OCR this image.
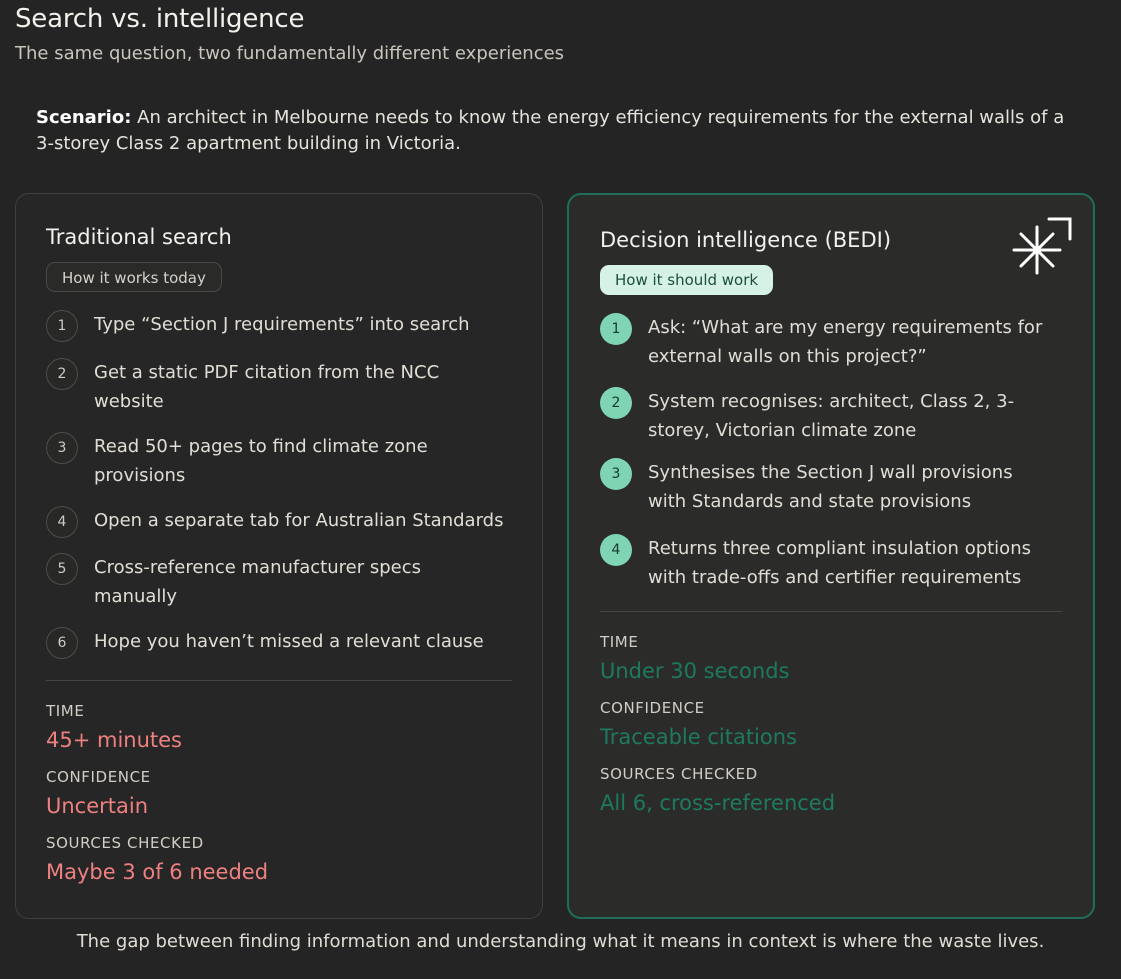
Search vs. intelligence

The same question, two fundamentally different experiences

Scenario: An architect in Melbourne needs to know the energy efficiency requirements for the external walls of a 3-storey Class 2 apartment building in Victoria.
Traditional search
How it works today
1	Type “Section J requirements” into search
2	Get a static PDF citation from the NCC website
3	Read 50+ pages to find climate zone provisions
4	Open a separate tab for Australian Standards
5	Cross-reference manufacturer specs manually
6	Hope you haven’t missed a relevant clause
TIME
45+ minutes
CONFIDENCE
Uncertain
SOURCES CHECKED
Maybe 3 of 6 needed
Decision intelligence (BEDI)
How it should work
1	Ask: “What are my energy requirements for external walls on this project?”
2	System recognises: architect, Class 2, 3-storey, Victorian climate zone
3	Synthesises the Section J wall provisions with Standards and state provisions
4	Returns three compliant insulation options with trade-offs and certifier requirements
TIME
Under 30 seconds
CONFIDENCE
Traceable citations
SOURCES CHECKED
All 6, cross-referenced
The gap between finding information and understanding what it means in context is where the waste lives.
